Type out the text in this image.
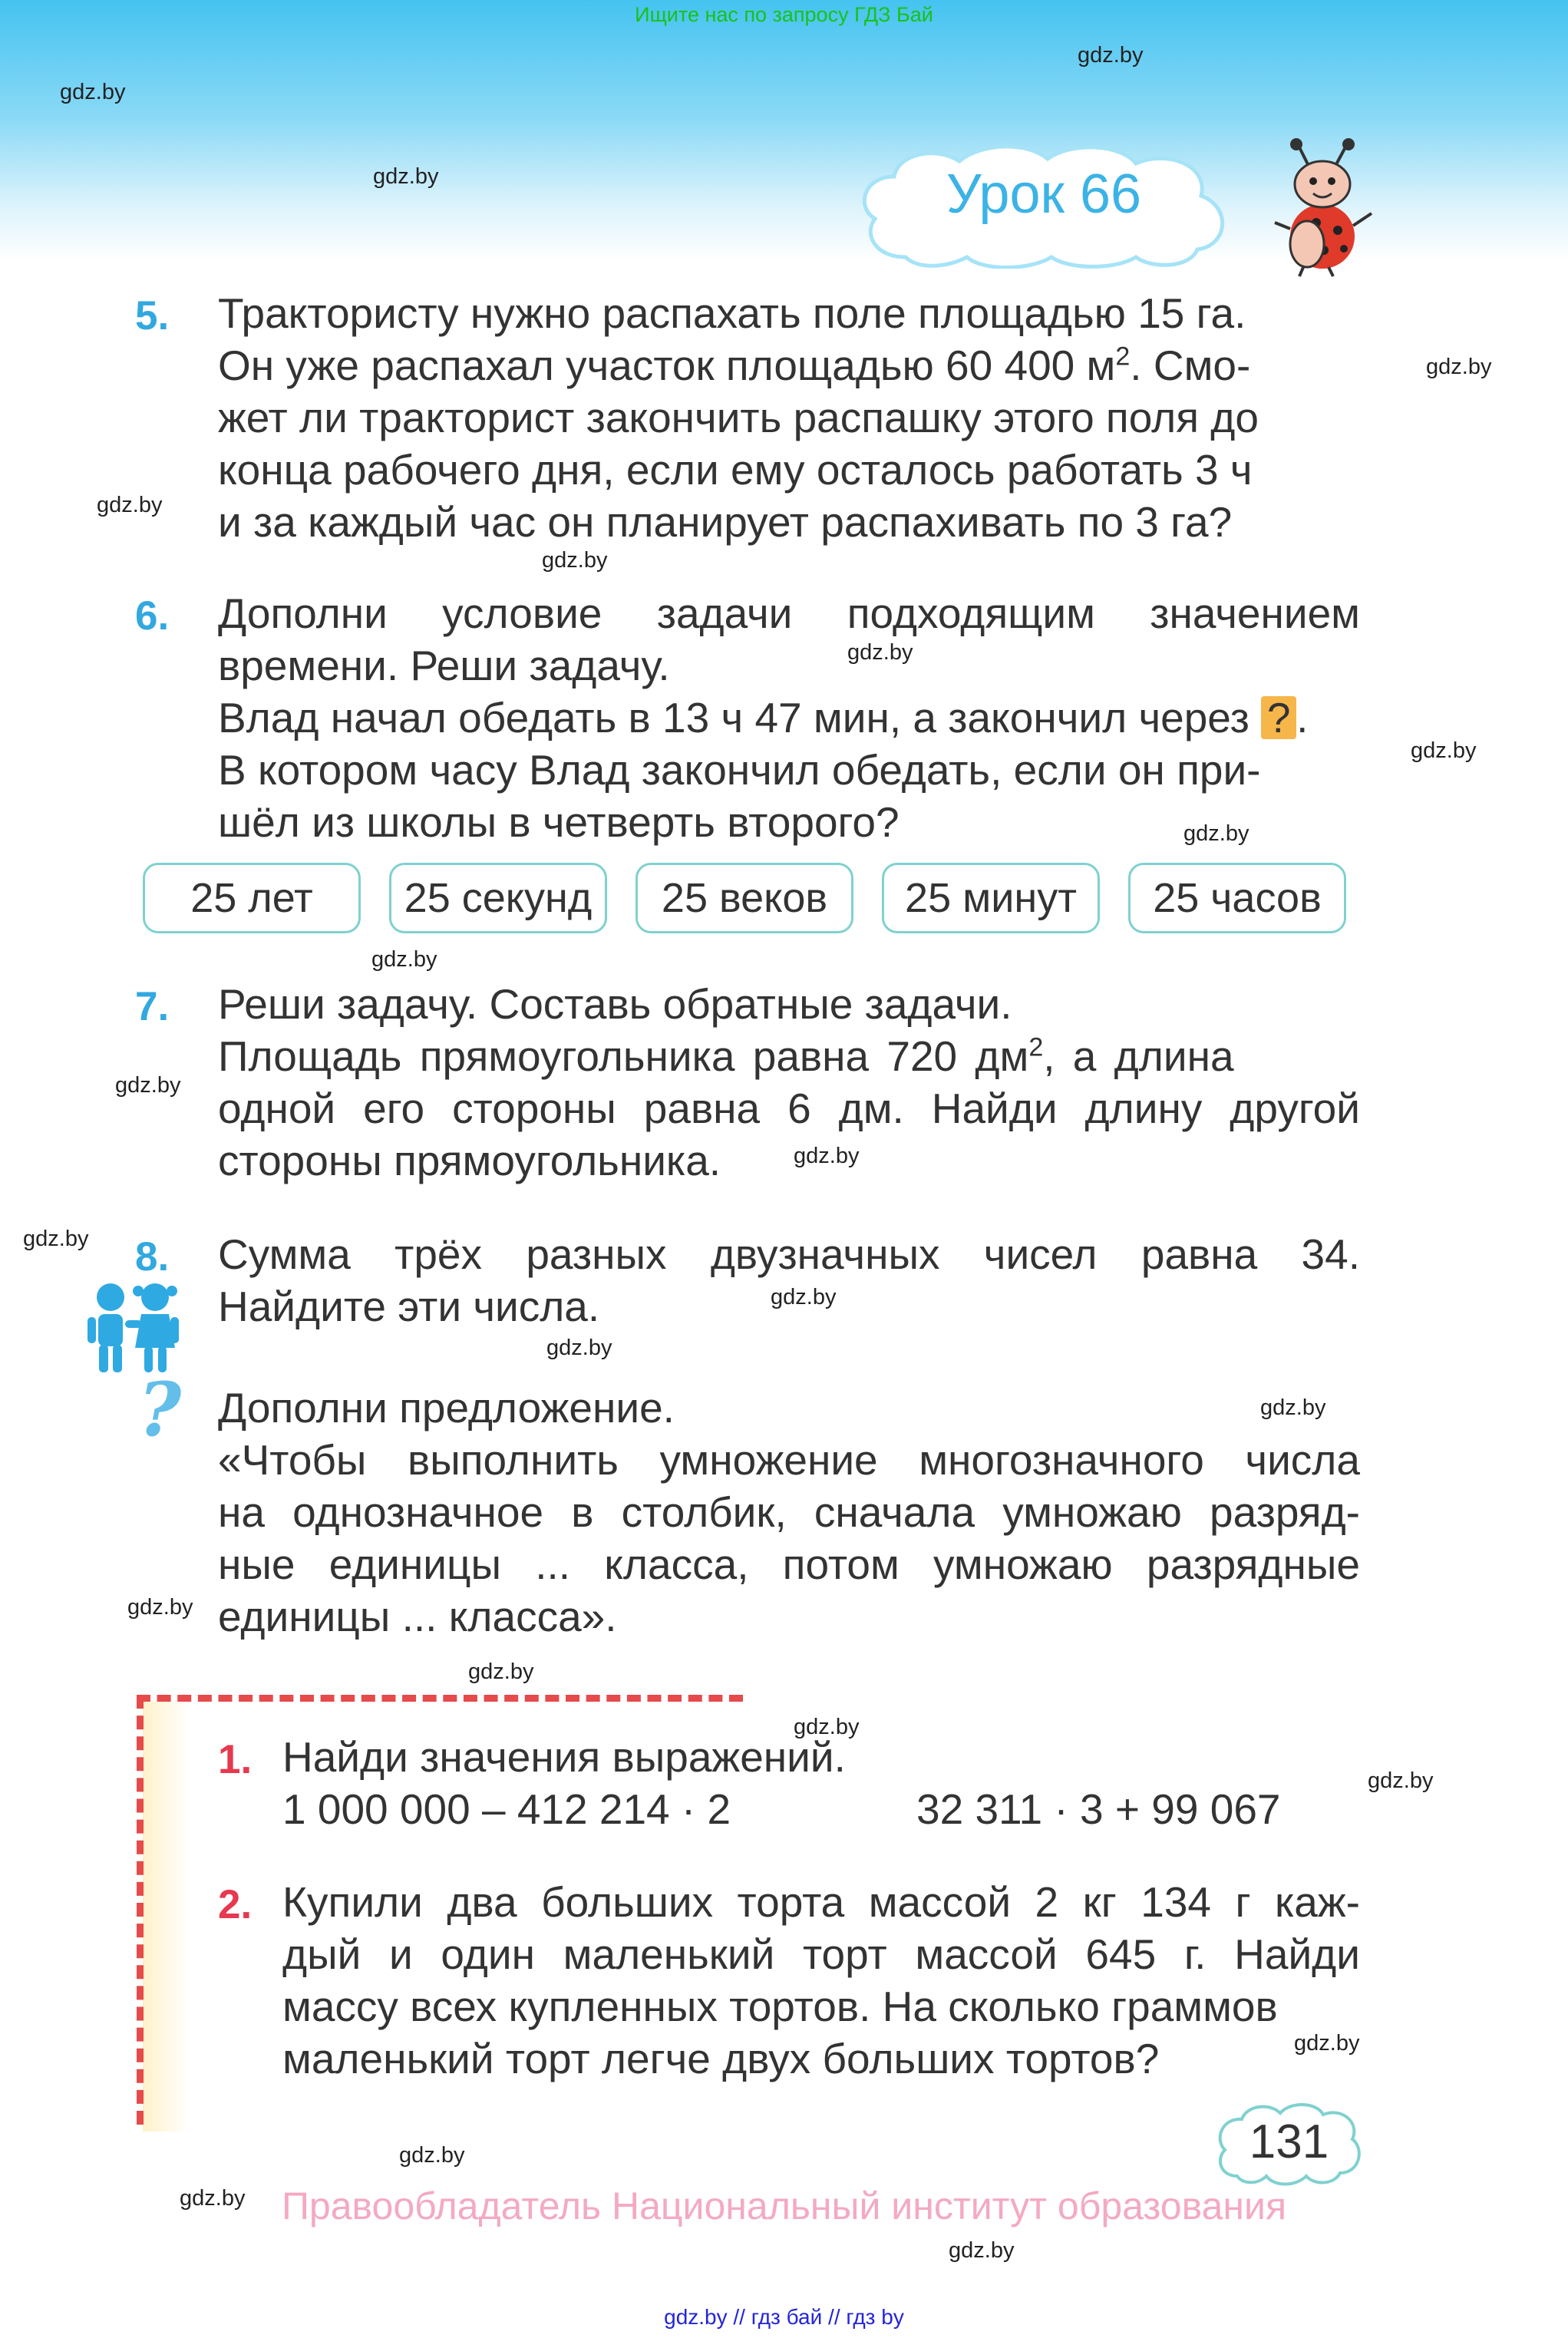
Ищите нас по запросу ГДЗ Бай
gdz.by
gdz.by
gdz.by
gdz.by
gdz.by
gdz.by
gdz.by
gdz.by
gdz.by
gdz.by
gdz.by
gdz.by
gdz.by
gdz.by
gdz.by
gdz.by
gdz.by
gdz.by
gdz.by
gdz.by
gdz.by
gdz.by
gdz.by
gdz.by
Урок 66
5. Трактористу нужно распахать поле площадью 15 га.
Он уже распахал участок площадью 60 400 $м^2$. Смо-
жет ли тракторист закончить распашку этого поля до
конца рабочего дня, если ему осталось работать 3 ч
и за каждый час он планирует распахивать по 3 га?
6. Дополни условие задачи подходящим значением
времени. Реши задачу.
Влад начал обедать в 13 ч 47 мин, а закончил через ? .
В котором часу Влад закончил обедать, если он при-
шёл из школы в четверть второго?
25 лет	25 секунд	25 веков	25 минут	25 часов
7. Реши задачу. Составь обратные задачи.
Площадь прямоугольника равна 720 $дм^2$, а длина
одной его стороны равна 6 дм. Найди длину другой
стороны прямоугольника.
8. Сумма трёх разных двузначных чисел равна 34.
Найдите эти числа.
? Дополни предложение.
«Чтобы выполнить умножение многозначного числа
на однозначное в столбик, сначала умножаю разряд-
ные единицы ... класса, потом умножаю разрядные
единицы ... класса».
1. Найди значения выражений.
1 000 000 – 412 214 · 2	32 311 · 3 + 99 067
2. Купили два больших торта массой 2 кг 134 г каж-
дый и один маленький торт массой 645 г. Найди
массу всех купленных тортов. На сколько граммов
маленький торт легче двух больших тортов?
131
Правообладатель Национальный институт образования
gdz.by // гдз бай // гдз by
